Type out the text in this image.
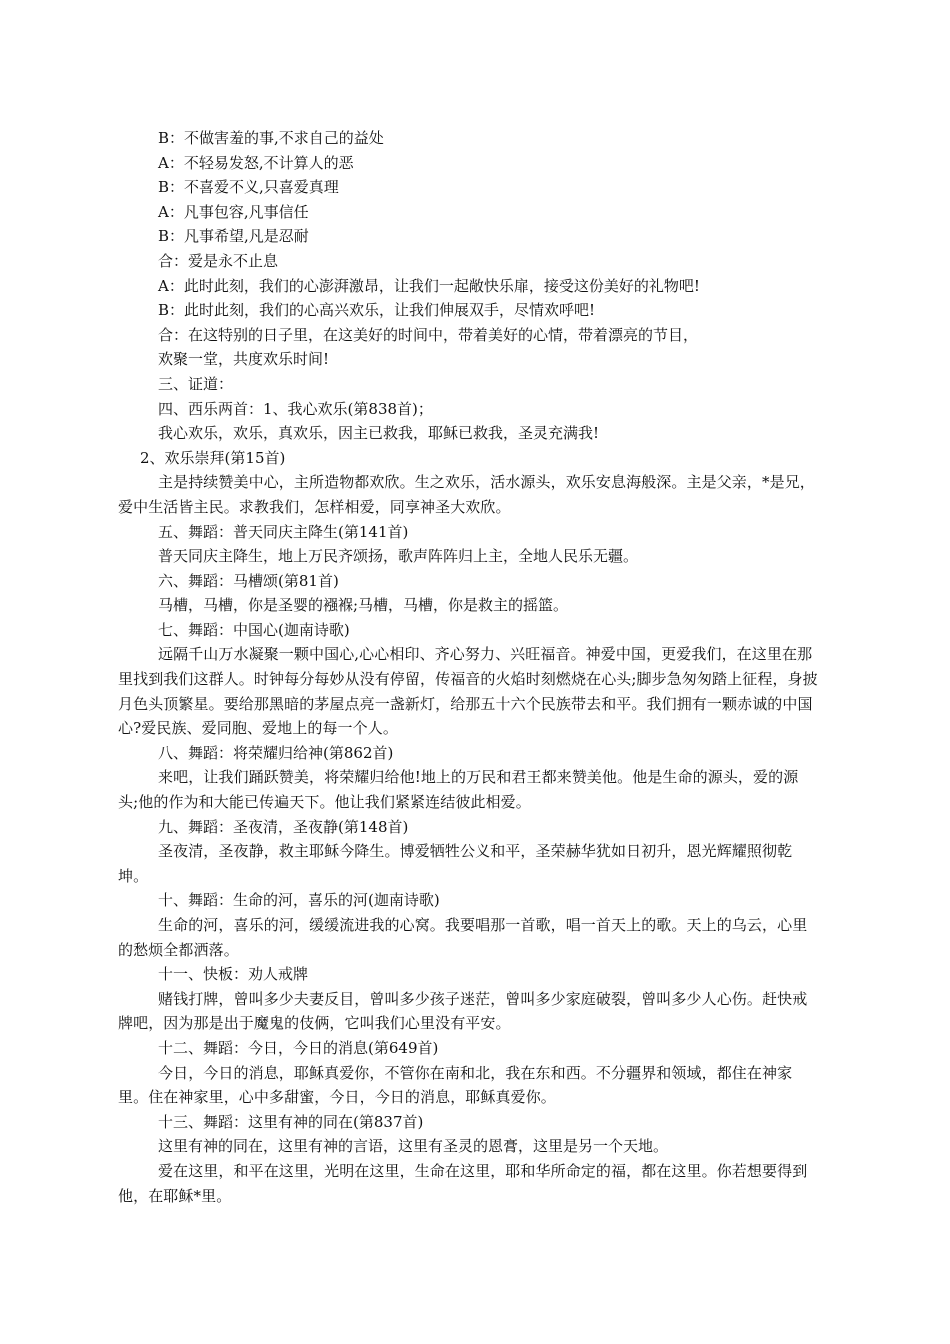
B：不做害羞的事,不求自己的益处

A：不轻易发怒,不计算人的恶

B：不喜爱不义,只喜爱真理

A：凡事包容,凡事信任

B：凡事希望,凡是忍耐

合：爱是永不止息

A：此时此刻，我们的心澎湃激昂，让我们一起敞快乐扉，接受这份美好的礼物吧!

B：此时此刻，我们的心高兴欢乐，让我们伸展双手，尽情欢呼吧!

合：在这特别的日子里，在这美好的时间中，带着美好的心情，带着漂亮的节目，

欢聚一堂，共度欢乐时间!

三、证道：

四、西乐两首：1、我心欢乐(第838首)；

我心欢乐，欢乐，真欢乐，因主已救我，耶稣已救我，圣灵充满我!

2、欢乐崇拜(第15首)

主是持续赞美中心，主所造物都欢欣。生之欢乐，活水源头，欢乐安息海般深。主是父亲，*是兄，爱中生活皆主民。求教我们，怎样相爱，同享神圣大欢欣。

五、舞蹈：普天同庆主降生(第141首)

普天同庆主降生，地上万民齐颂扬，歌声阵阵归上主，全地人民乐无疆。

六、舞蹈：马槽颂(第81首)

马槽，马槽，你是圣婴的襁褓;马槽，马槽，你是救主的摇篮。

七、舞蹈：中国心(迦南诗歌)

远隔千山万水凝聚一颗中国心,心心相印、齐心努力、兴旺福音。神爱中国，更爱我们，在这里在那里找到我们这群人。时钟每分每妙从没有停留，传福音的火焰时刻燃烧在心头;脚步急匆匆踏上征程，身披月色头顶繁星。要给那黑暗的茅屋点亮一盏新灯，给那五十六个民族带去和平。我们拥有一颗赤诚的中国心?爱民族、爱同胞、爱地上的每一个人。

八、舞蹈：将荣耀归给神(第862首)

来吧，让我们踊跃赞美，将荣耀归给他!地上的万民和君王都来赞美他。他是生命的源头，爱的源头;他的作为和大能已传遍天下。他让我们紧紧连结彼此相爱。

九、舞蹈：圣夜清，圣夜静(第148首)

圣夜清，圣夜静，救主耶稣今降生。博爱牺牲公义和平，圣荣赫华犹如日初升，恩光辉耀照彻乾坤。

十、舞蹈：生命的河，喜乐的河(迦南诗歌)

生命的河，喜乐的河，缓缓流进我的心窝。我要唱那一首歌，唱一首天上的歌。天上的乌云，心里的愁烦全都洒落。

十一、快板：劝人戒牌

赌钱打牌，曾叫多少夫妻反目，曾叫多少孩子迷茫，曾叫多少家庭破裂，曾叫多少人心伤。赶快戒牌吧，因为那是出于魔鬼的伎俩，它叫我们心里没有平安。

十二、舞蹈：今日，今日的消息(第649首)

今日，今日的消息，耶稣真爱你，不管你在南和北，我在东和西。不分疆界和领域，都住在神家里。住在神家里，心中多甜蜜，今日，今日的消息，耶稣真爱你。

十三、舞蹈：这里有神的同在(第837首)

这里有神的同在，这里有神的言语，这里有圣灵的恩膏，这里是另一个天地。

爱在这里，和平在这里，光明在这里，生命在这里，耶和华所命定的福，都在这里。你若想要得到他，在耶稣*里。
